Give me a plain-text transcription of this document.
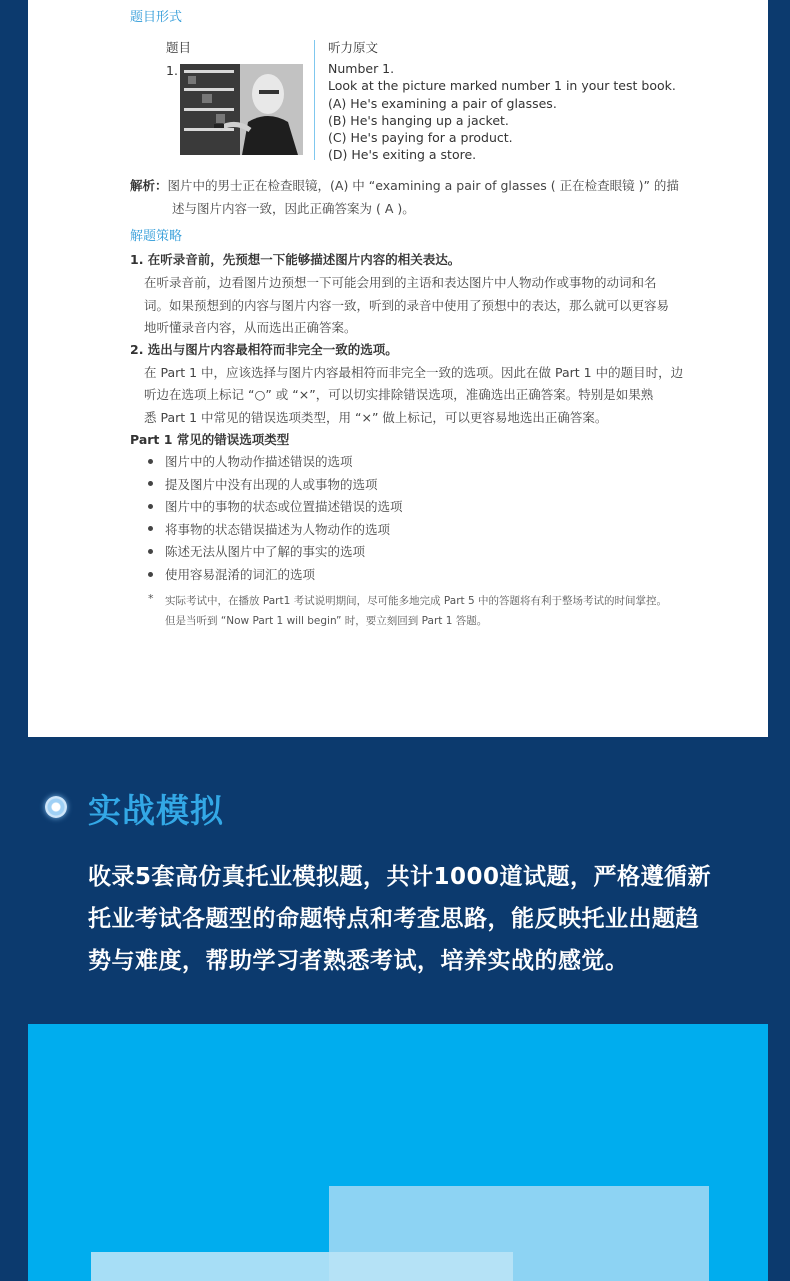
题目形式
题目	听力原文
1.	Number 1.
Look at the picture marked number 1 in your test book.
(A) He's examining a pair of glasses.
(B) He's hanging up a jacket.
(C) He's paying for a product.
(D) He's exiting a store.
解析：图片中的男士正在检查眼镜，(A) 中 “examining a pair of glasses ( 正在检查眼镜 )” 的描
述与图片内容一致，因此正确答案为 ( A )。
解题策略
1. 在听录音前，先预想一下能够描述图片内容的相关表达。
在听录音前，边看图片边预想一下可能会用到的主语和表达图片中人物动作或事物的动词和名
词。如果预想到的内容与图片内容一致，听到的录音中使用了预想中的表达，那么就可以更容易
地听懂录音内容，从而选出正确答案。
2. 选出与图片内容最相符而非完全一致的选项。
在 Part 1 中，应该选择与图片内容最相符而非完全一致的选项。因此在做 Part 1 中的题目时，边
听边在选项上标记 “○” 或 “×”，可以切实排除错误选项，准确选出正确答案。特别是如果熟
悉 Part 1 中常见的错误选项类型，用 “×” 做上标记，可以更容易地选出正确答案。
Part 1 常见的错误选项类型
图片中的人物动作描述错误的选项
提及图片中没有出现的人或事物的选项
图片中的事物的状态或位置描述错误的选项
将事物的状态错误描述为人物动作的选项
陈述无法从图片中了解的事实的选项
使用容易混淆的词汇的选项
* 实际考试中，在播放 Part1 考试说明期间，尽可能多地完成 Part 5 中的答题将有利于整场考试的时间掌控。
但是当听到 “Now Part 1 will begin” 时，要立刻回到 Part 1 答题。
实战模拟
收录5套高仿真托业模拟题，共计1000道试题，严格遵循新
托业考试各题型的命题特点和考查思路，能反映托业出题趋
势与难度，帮助学习者熟悉考试，培养实战的感觉。
